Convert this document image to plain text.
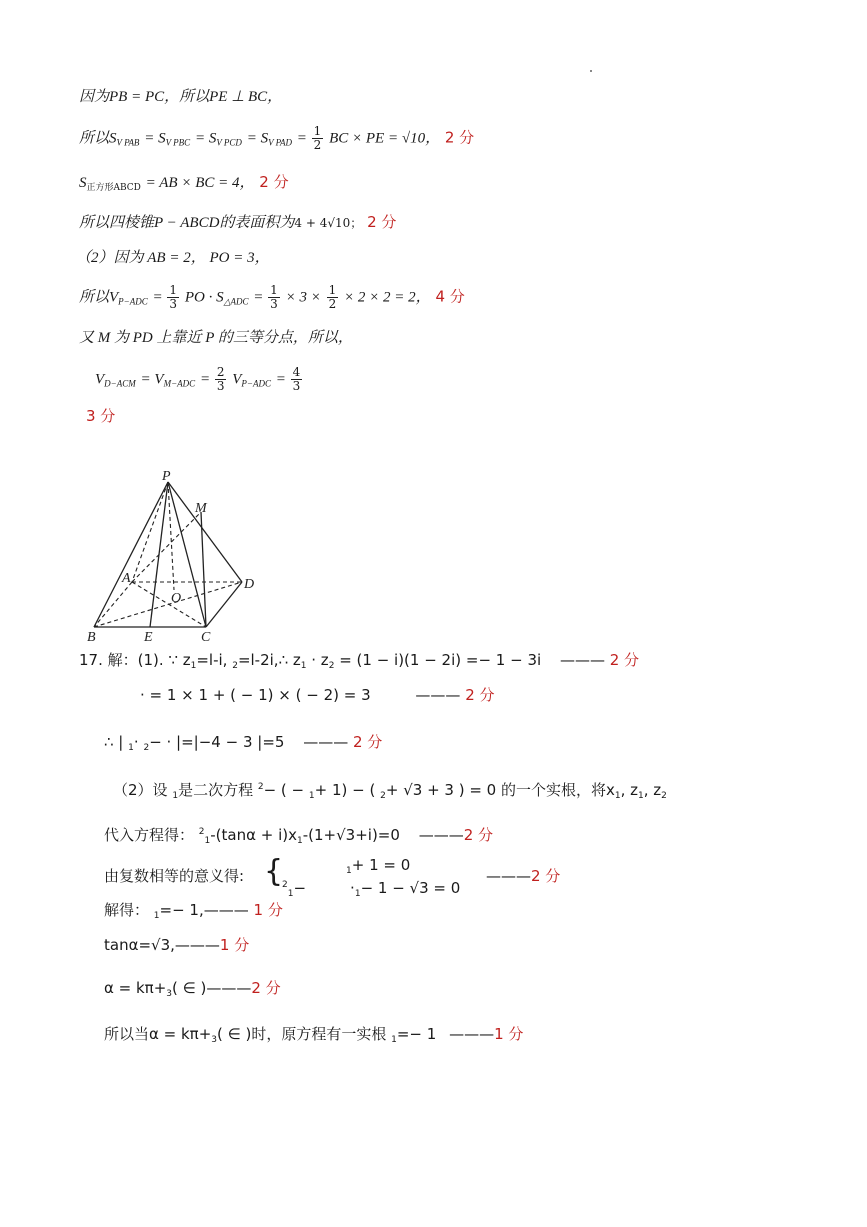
因为PB = PC，所以PE ⊥ BC，
所以$S_{V PAB} = S_{V PBC} = S_{V PCD} = S_{V PAD} = \frac{1}{2}$ BC × PE = √10， 2 分
$S_{正方形ABCD}$ = AB × BC = 4， 2 分
所以四棱锥P − ABCD的表面积为4 + 4√10； 2 分
（2）因为 AB = 2， PO = 3，
所以$V_{P-ADC} = \frac{1}{3}$ PO · $S_{\triangle ADC} = \frac{1}{3} \times 3 \times \frac{1}{2} \times 2 \times 2 = 2$， 4 分
又 M 为 PD 上靠近 P 的三等分点，所以，
$V_{D-ACM} = V_{M-ADC} = \frac{2}{3} V_{P-ADC} = \frac{4}{3}$
3 分
P
M
A	D
O
B	E	C
17. 解：(1). ∵ $z_1=l-i$, $_2$=l-2i,∴ $z_1 \cdot z_2 = (1 - i)(1 - 2i) =- 1 - 3i$ ——— 2 分
· = 1 × 1 + ( − 1) × ( − 2) = 3	——— 2 分
∴ | $_1$· $_2$− · |=|−4 − 3 |=5 ——— 2 分
（2）设 $_1$是二次方程 $^2$− ( − $_1$+ 1) − ( $_2$+ √3 + 3 ) = 0 的一个实根，将$x_1$, $z_1$, $z_2$
代入方程得： $^2_1-(\tan\alpha + i)x_1-(1+√3+i)=0$ ———2 分
由复数相等的意义得: {	$_1$+ 1 = 0
$^2_1$−	$\cdot_1- 1 - √3 = 0$
———2 分
解得： $_1$=− 1,——— 1 分
tanα=√3,———1 分
$\alpha = k\pi+_3$( ∈ )———2 分
所以当$\alpha = k\pi+_3$( ∈ )时，原方程有一实根 $_1$=− 1 ———1 分
